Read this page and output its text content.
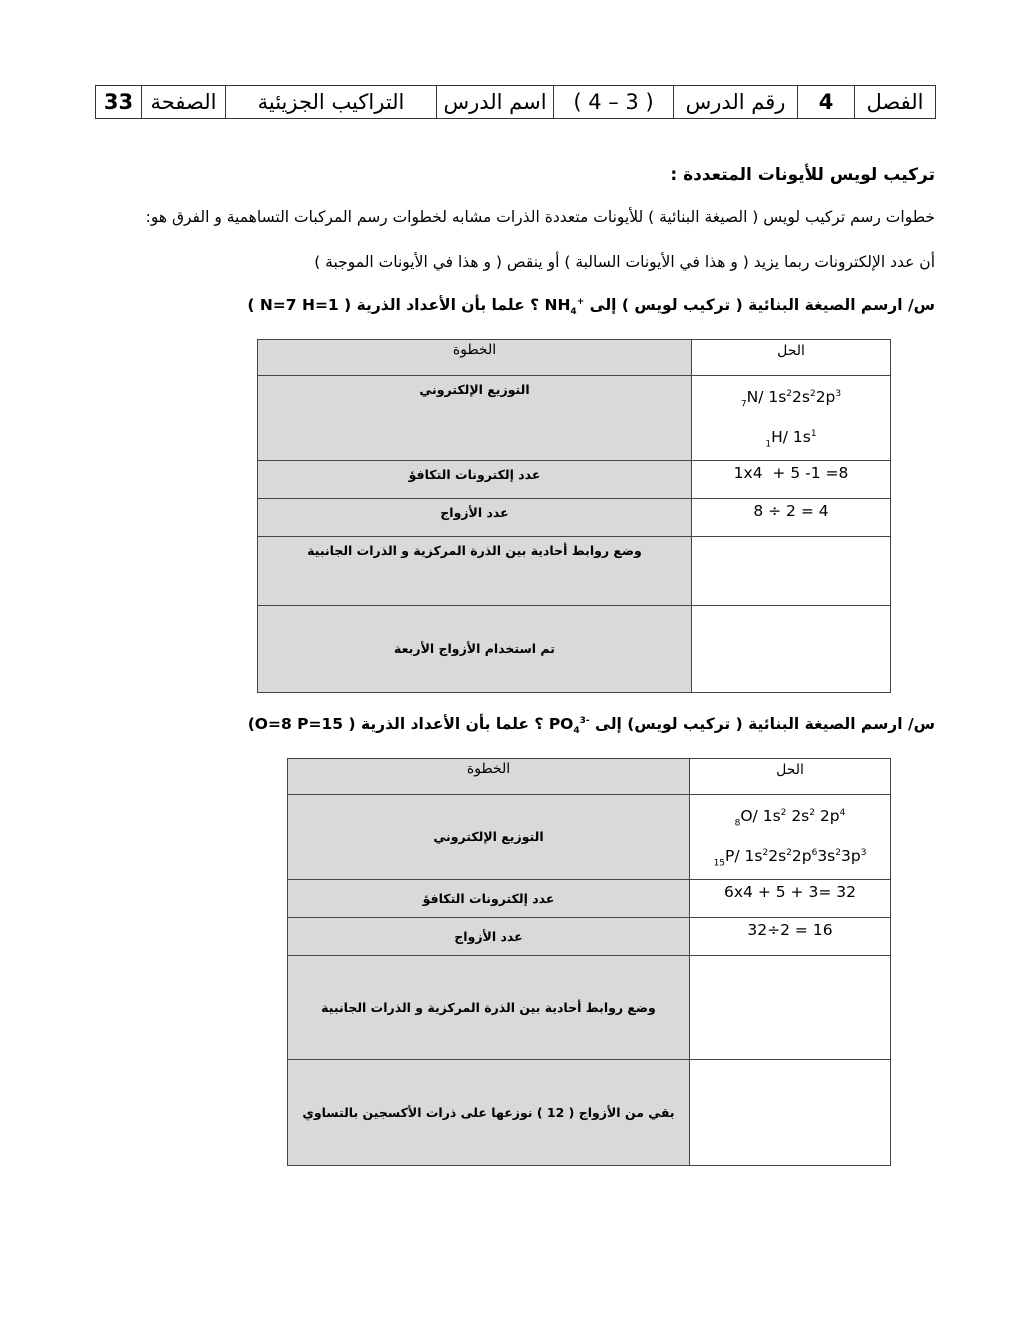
33	الصفحة	التراكيب الجزيئية	اسم الدرس	( 3 – 4 )	رقم الدرس	4	الفصل
تركيب لويس للأيونات المتعددة :
خطوات رسم تركيب لويس ( الصيغة البنائية ) للأيونات متعددة الذرات مشابه لخطوات رسم المركبات التساهمية و الفرق هو:
أن عدد الإلكترونات ربما يزيد ( و هذا في الأيونات السالبة ) أو ينقص ( و هذا في الأيونات الموجبة )
س/ ارسم الصيغة البنائية ( تركيب لويس ) إلى $NH_4^+$ ؟ علما بأن الأعداد الذرية ( N=7 H=1 )
الخطوة	الحل
التوزيع الإلكتروني	$_7$N/ $1s^22s^22p^3$
$_1$H/ $1s^1$

عدد إلكترونات التكافؤ	1x4  + 5 -1 =8
عدد الأزواج	8 ÷ 2 = 4
وضع روابط أحادية بين الذرة المركزية و الذرات الجانبية	
تم استخدام الأزواج الأربعة	
س/ ارسم الصيغة البنائية ( تركيب لويس) إلى $PO_4^{3-}$ ؟ علما بأن الأعداد الذرية ( O=8 P=15)
الخطوة	الحل
التوزيع الإلكتروني	$_8$O/ $1s^2$ $2s^2$ $2p^4$
$_{15}$P/ $1s^22s^22p^63s^23p^3$

عدد إلكترونات التكافؤ	6x4 + 5 + 3= 32
عدد الأزواج	32÷2 = 16
وضع روابط أحادية بين الذرة المركزية و الذرات الجانبية	
بقي من الأزواج ( 12 ) نوزعها على ذرات الأكسجين بالتساوي	
